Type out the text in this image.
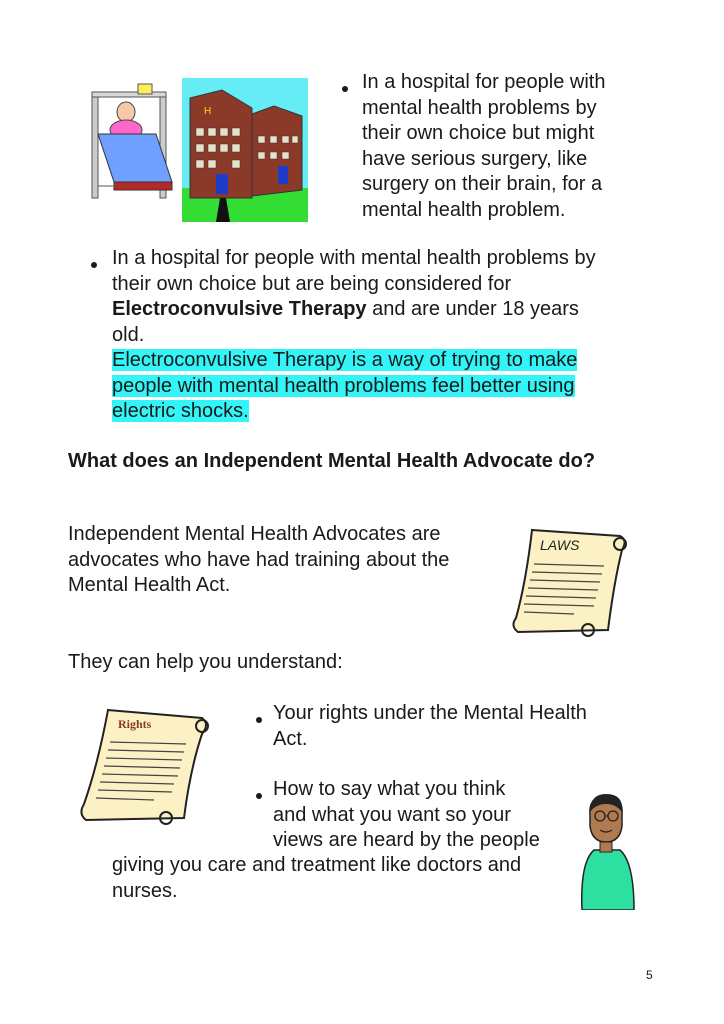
H
In a hospital for people with
mental health problems by
their own choice but might
have serious surgery, like
surgery on their brain, for a
mental health problem.
In a hospital for people with mental health problems by
their own choice but are being considered for
Electroconvulsive Therapy and are under 18 years
old.
Electroconvulsive Therapy is a way of trying to make
people with mental health problems feel better using
electric shocks.
What does an Independent Mental Health Advocate do?
Independent Mental Health Advocates are
advocates who have had training about the
Mental Health Act.
LAWS
They can help you understand:
Rights	Your rights under the Mental Health
Act.
How to say what you think
and what you want so your
views are heard by the people
giving you care and treatment like doctors and
nurses.
5
